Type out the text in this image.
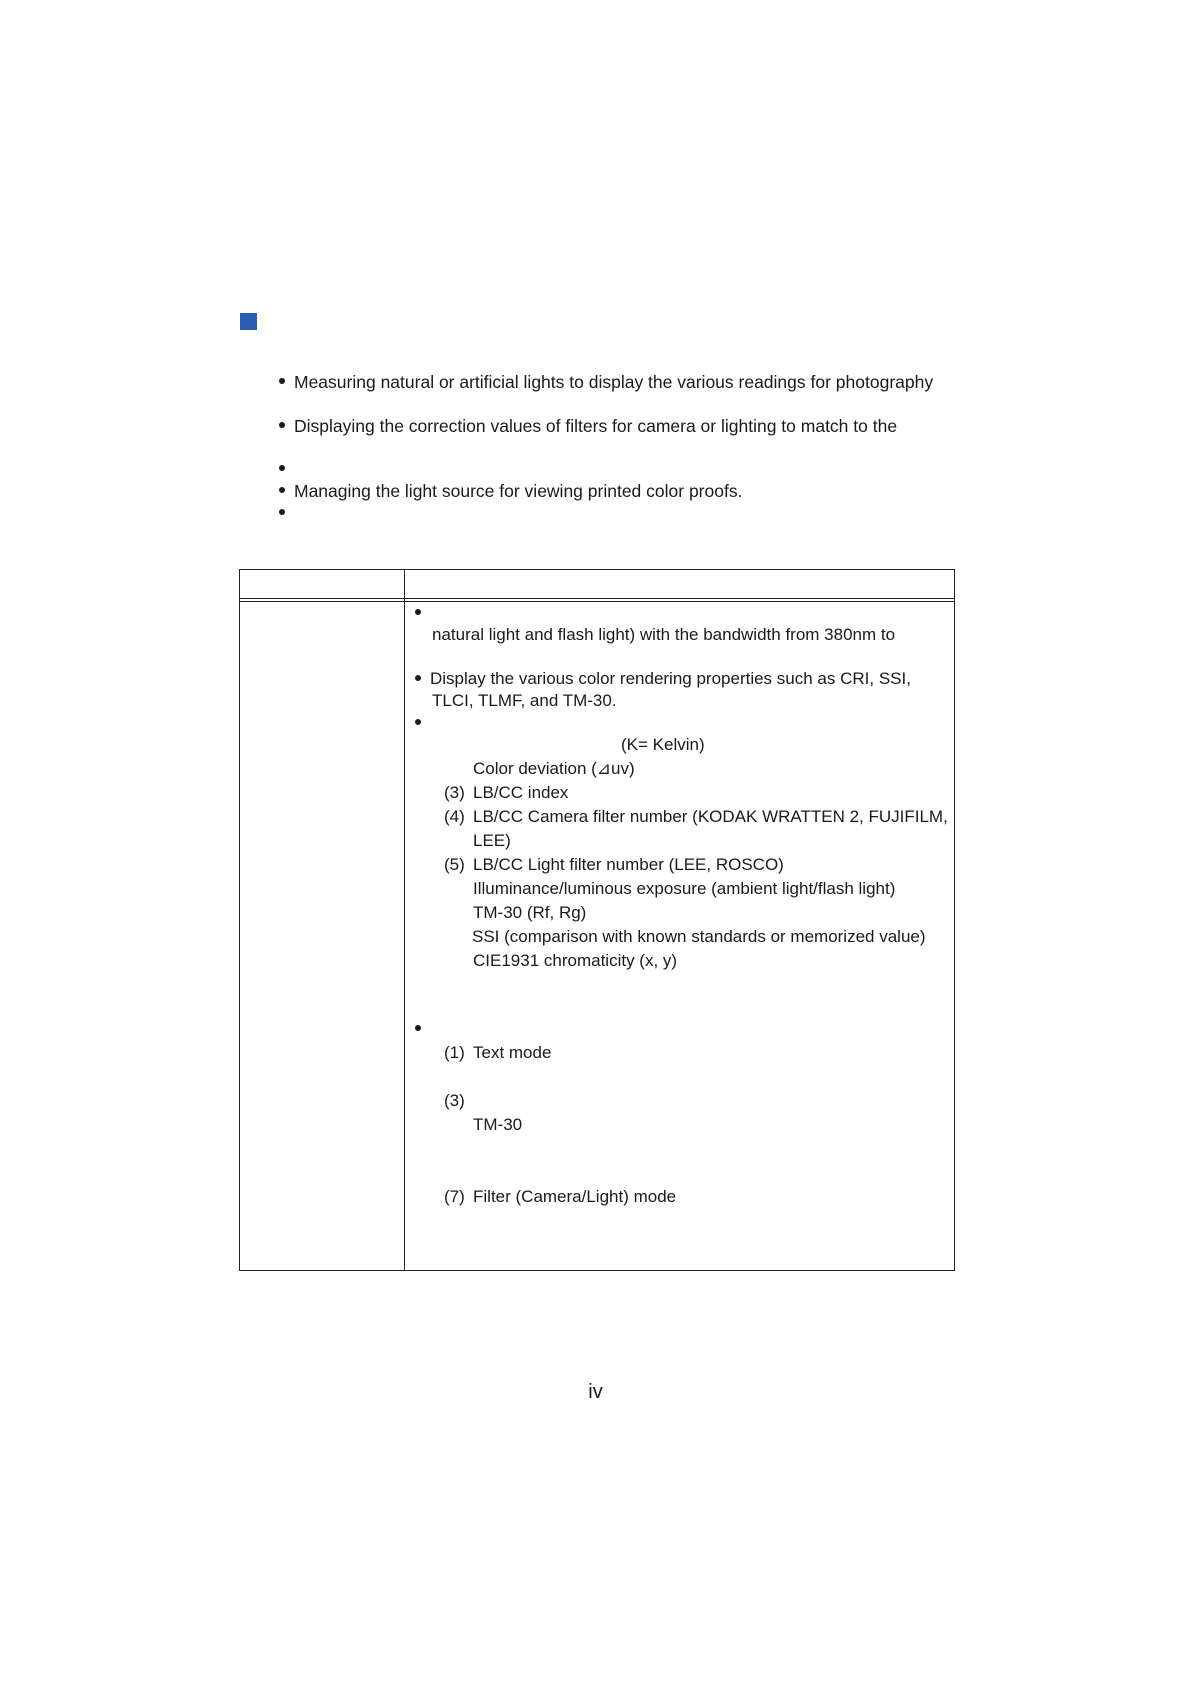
Measuring natural or artificial lights to display the various readings for photography
Displaying the correction values of filters for camera or lighting to match to the
Managing the light source for viewing printed color proofs.
natural light and flash light) with the bandwidth from 380nm to
Display the various color rendering properties such as CRI, SSI,
TLCI, TLMF, and TM-30.
(K= Kelvin)
Color deviation (⊿uv)
(3) LB/CC index
(4) LB/CC Camera filter number (KODAK WRATTEN 2, FUJIFILM,
LEE)
(5) LB/CC Light filter number (LEE, ROSCO)
Illuminance/luminous exposure (ambient light/flash light)
TM-30 (Rf, Rg)
SSI (comparison with known standards or memorized value)
CIE1931 chromaticity (x, y)
(1) Text mode
(3)
TM-30
(7) Filter (Camera/Light) mode
iv
